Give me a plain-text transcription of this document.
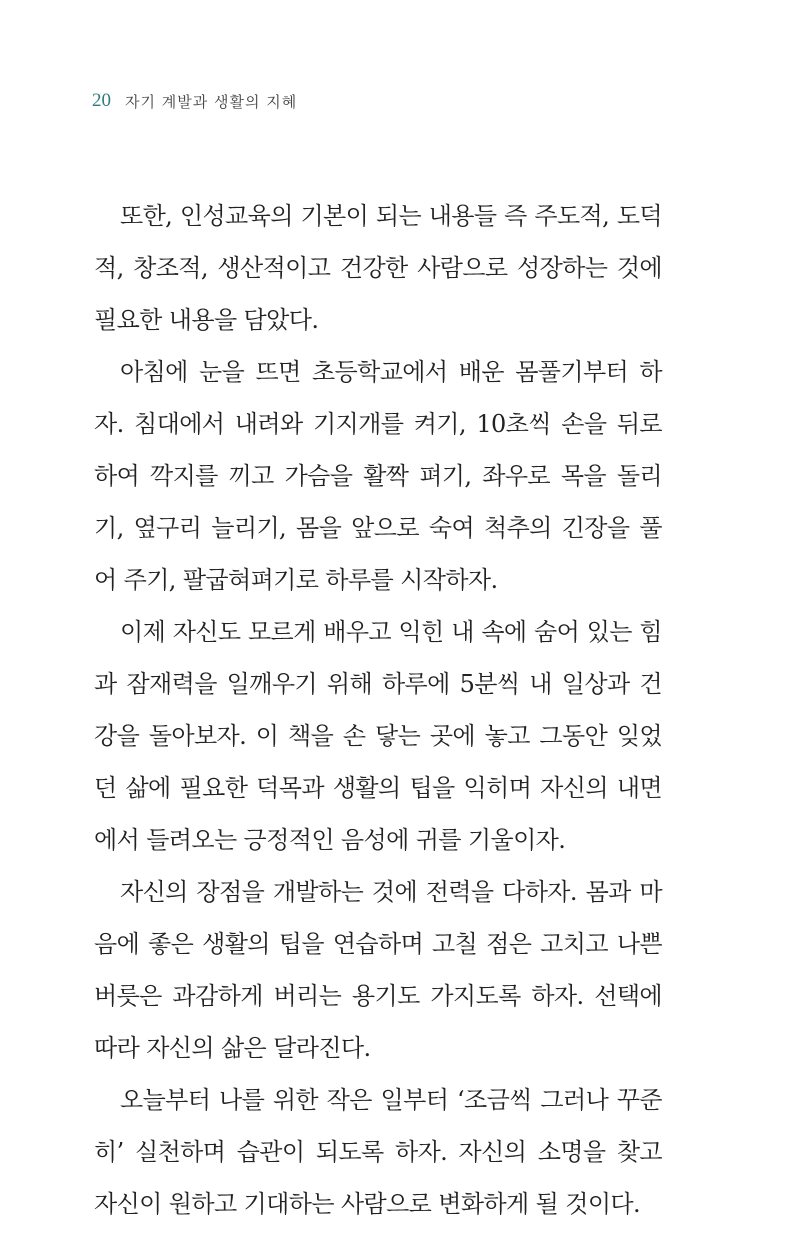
20 자기 계발과 생활의 지혜
또한, 인성교육의 기본이 되는 내용들 즉 주도적, 도덕
적, 창조적, 생산적이고 건강한 사람으로 성장하는 것에
필요한 내용을 담았다.
아침에 눈을 뜨면 초등학교에서 배운 몸풀기부터 하
자. 침대에서 내려와 기지개를 켜기, 10초씩 손을 뒤로
하여 깍지를 끼고 가슴을 활짝 펴기, 좌우로 목을 돌리
기, 옆구리 늘리기, 몸을 앞으로 숙여 척추의 긴장을 풀
어 주기, 팔굽혀펴기로 하루를 시작하자.
이제 자신도 모르게 배우고 익힌 내 속에 숨어 있는 힘
과 잠재력을 일깨우기 위해 하루에 5분씩 내 일상과 건
강을 돌아보자. 이 책을 손 닿는 곳에 놓고 그동안 잊었
던 삶에 필요한 덕목과 생활의 팁을 익히며 자신의 내면
에서 들려오는 긍정적인 음성에 귀를 기울이자.
자신의 장점을 개발하는 것에 전력을 다하자. 몸과 마
음에 좋은 생활의 팁을 연습하며 고칠 점은 고치고 나쁜
버릇은 과감하게 버리는 용기도 가지도록 하자. 선택에
따라 자신의 삶은 달라진다.
오늘부터 나를 위한 작은 일부터 ‘조금씩 그러나 꾸준
히’ 실천하며 습관이 되도록 하자. 자신의 소명을 찾고
자신이 원하고 기대하는 사람으로 변화하게 될 것이다.
